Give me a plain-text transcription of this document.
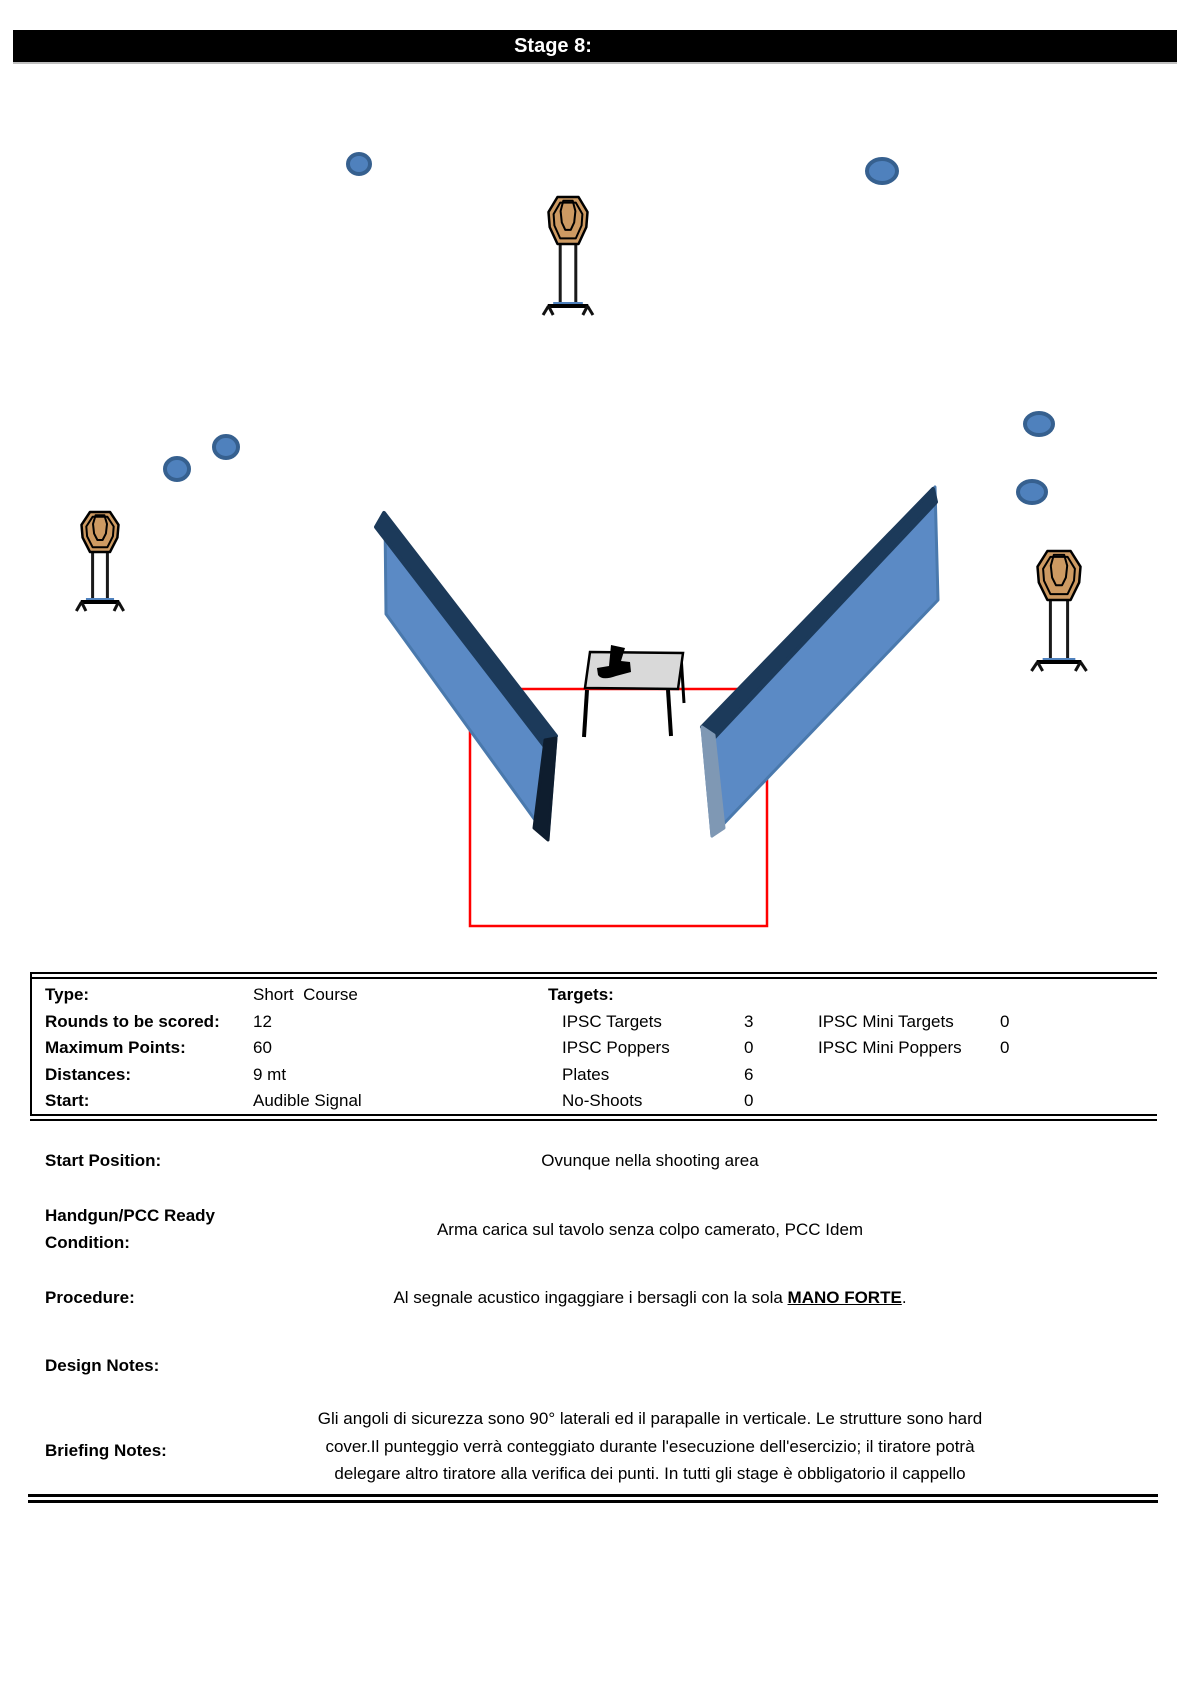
Stage 8:
Type:
Rounds to be scored:
Maximum Points:
Distances:
Start:
Short  Course
12
60
9 mt
Audible Signal
Targets:
IPSC Targets
IPSC Poppers
Plates
No-Shoots
3
0
6
0
IPSC Mini Targets
IPSC Mini Poppers
0
0
Start Position:	Ovunque nella shooting area
Handgun/PCC Ready
Condition:
Arma carica sul tavolo senza colpo camerato, PCC Idem
Procedure:	Al segnale acustico ingaggiare i bersagli con la sola MANO FORTE.
Design Notes:
Briefing Notes:
Gli angoli di sicurezza sono 90° laterali ed il parapalle in verticale. Le strutture sono hard
cover.Il punteggio verrà conteggiato durante l'esecuzione dell'esercizio; il tiratore potrà
delegare altro tiratore alla verifica dei punti. In tutti gli stage è obbligatorio il cappello
